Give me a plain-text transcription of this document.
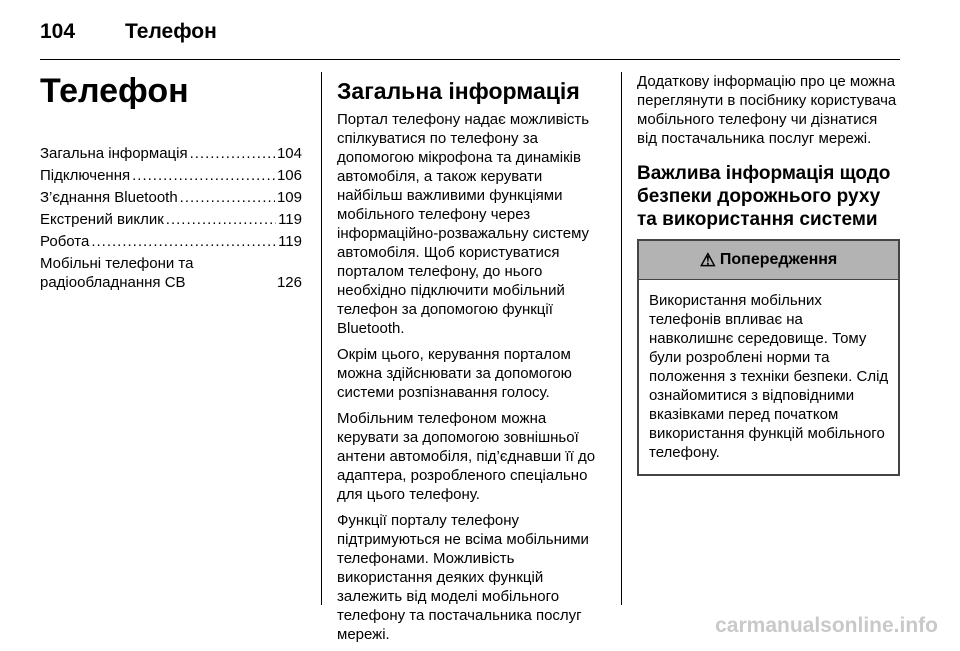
104	Телефон
Телефон
Загальна інформація .....	104
Підключення .....	106
З’єднання Bluetooth .....	109
Екстрений виклик .....	119
Робота .....	119
Мобільні телефони та радіообладнання CB	126
Загальна інформація

Портал телефону надає можливість спілкуватися по телефону за допомогою мікрофона та динаміків автомобіля, а також керувати найбільш важливими функціями мобільного телефону через інформаційно-розважальну систему автомобіля. Щоб користуватися порталом телефону, до нього необхідно підключити мобільний телефон за допомогою функції Bluetooth.

Окрім цього, керування порталом можна здійснювати за допомогою системи розпізнавання голосу.

Мобільним телефоном можна керувати за допомогою зовнішньої антени автомобіля, під’єднавши її до адаптера, розробленого спеціально для цього телефону.

Функції порталу телефону підтримуються не всіма мобільними телефонами. Можливість використання деяких функцій залежить від моделі мобільного телефону та постачальника послуг мережі.

Додаткову інформацію про це можна переглянути в посібнику користувача мобільного телефону чи дізнатися від постачальника послуг мережі.

Важлива інформація щодо безпеки дорожнього руху та використання системи
⚠ Попередження
Використання мобільних телефонів впливає на навколишнє середовище. Тому були розроблені норми та положення з техніки безпеки. Слід ознайомитися з відповідними вказівками перед початком використання функцій мобільного телефону.
carmanualsonline.info
